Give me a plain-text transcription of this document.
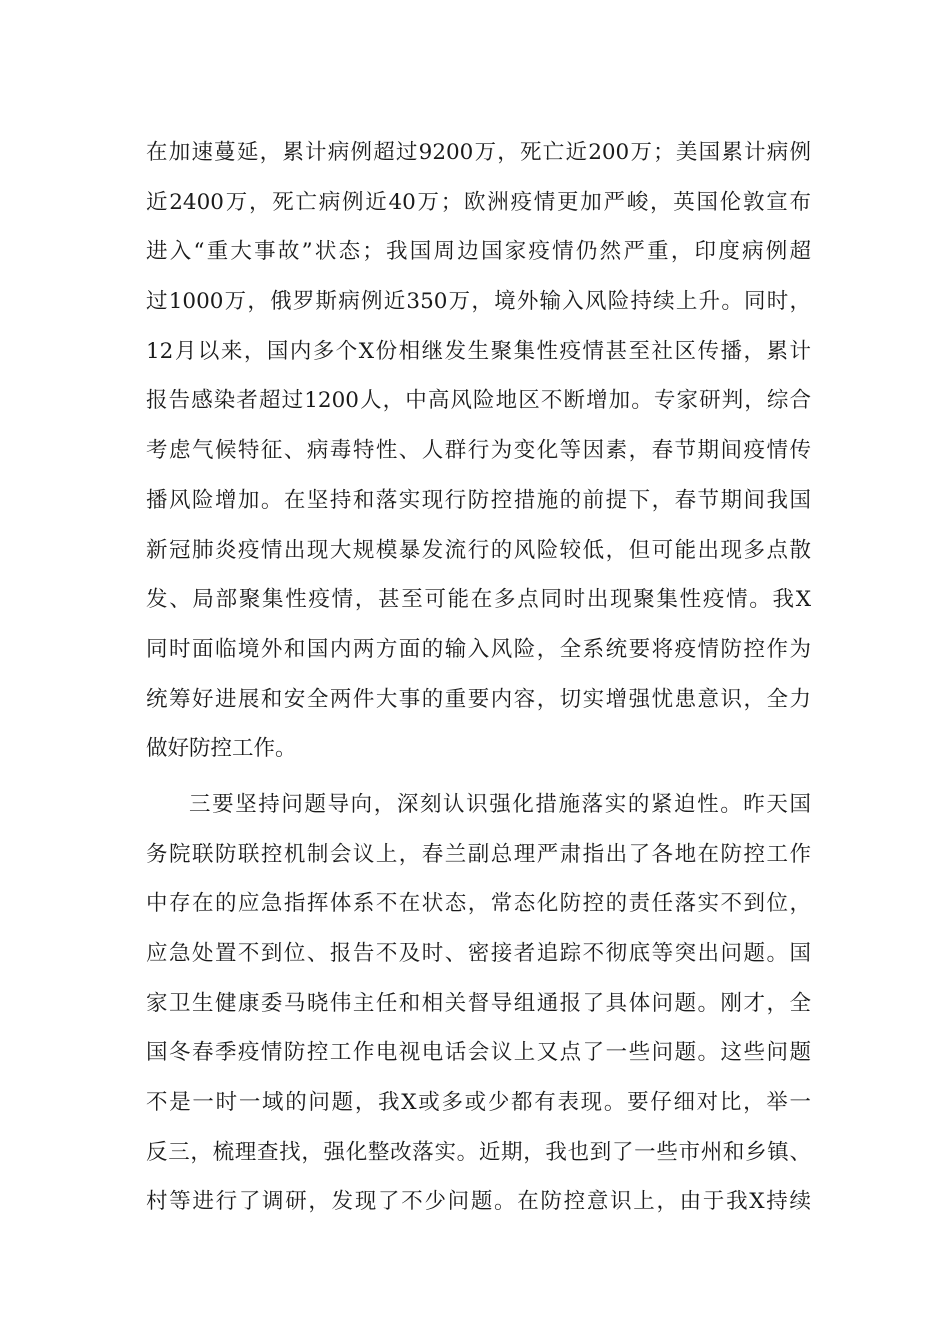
在加速蔓延，累计病例超过9200万，死亡近200万；美国累计病例
近2400万，死亡病例近40万；欧洲疫情更加严峻，英国伦敦宣布
进入“重大事故”状态；我国周边国家疫情仍然严重，印度病例超
过1000万，俄罗斯病例近350万，境外输入风险持续上升。同时，
12月以来，国内多个X份相继发生聚集性疫情甚至社区传播，累计
报告感染者超过1200人，中高风险地区不断增加。专家研判，综合
考虑气候特征、病毒特性、人群行为变化等因素，春节期间疫情传
播风险增加。在坚持和落实现行防控措施的前提下，春节期间我国
新冠肺炎疫情出现大规模暴发流行的风险较低，但可能出现多点散
发、局部聚集性疫情，甚至可能在多点同时出现聚集性疫情。我X
同时面临境外和国内两方面的输入风险，全系统要将疫情防控作为
统筹好进展和安全两件大事的重要内容，切实增强忧患意识，全力
做好防控工作。
三要坚持问题导向，深刻认识强化措施落实的紧迫性。昨天国
务院联防联控机制会议上，春兰副总理严肃指出了各地在防控工作
中存在的应急指挥体系不在状态，常态化防控的责任落实不到位，
应急处置不到位、报告不及时、密接者追踪不彻底等突出问题。国
家卫生健康委马晓伟主任和相关督导组通报了具体问题。刚才，全
国冬春季疫情防控工作电视电话会议上又点了一些问题。这些问题
不是一时一域的问题，我X或多或少都有表现。要仔细对比，举一
反三，梳理查找，强化整改落实。近期，我也到了一些市州和乡镇、
村等进行了调研，发现了不少问题。在防控意识上，由于我X持续
